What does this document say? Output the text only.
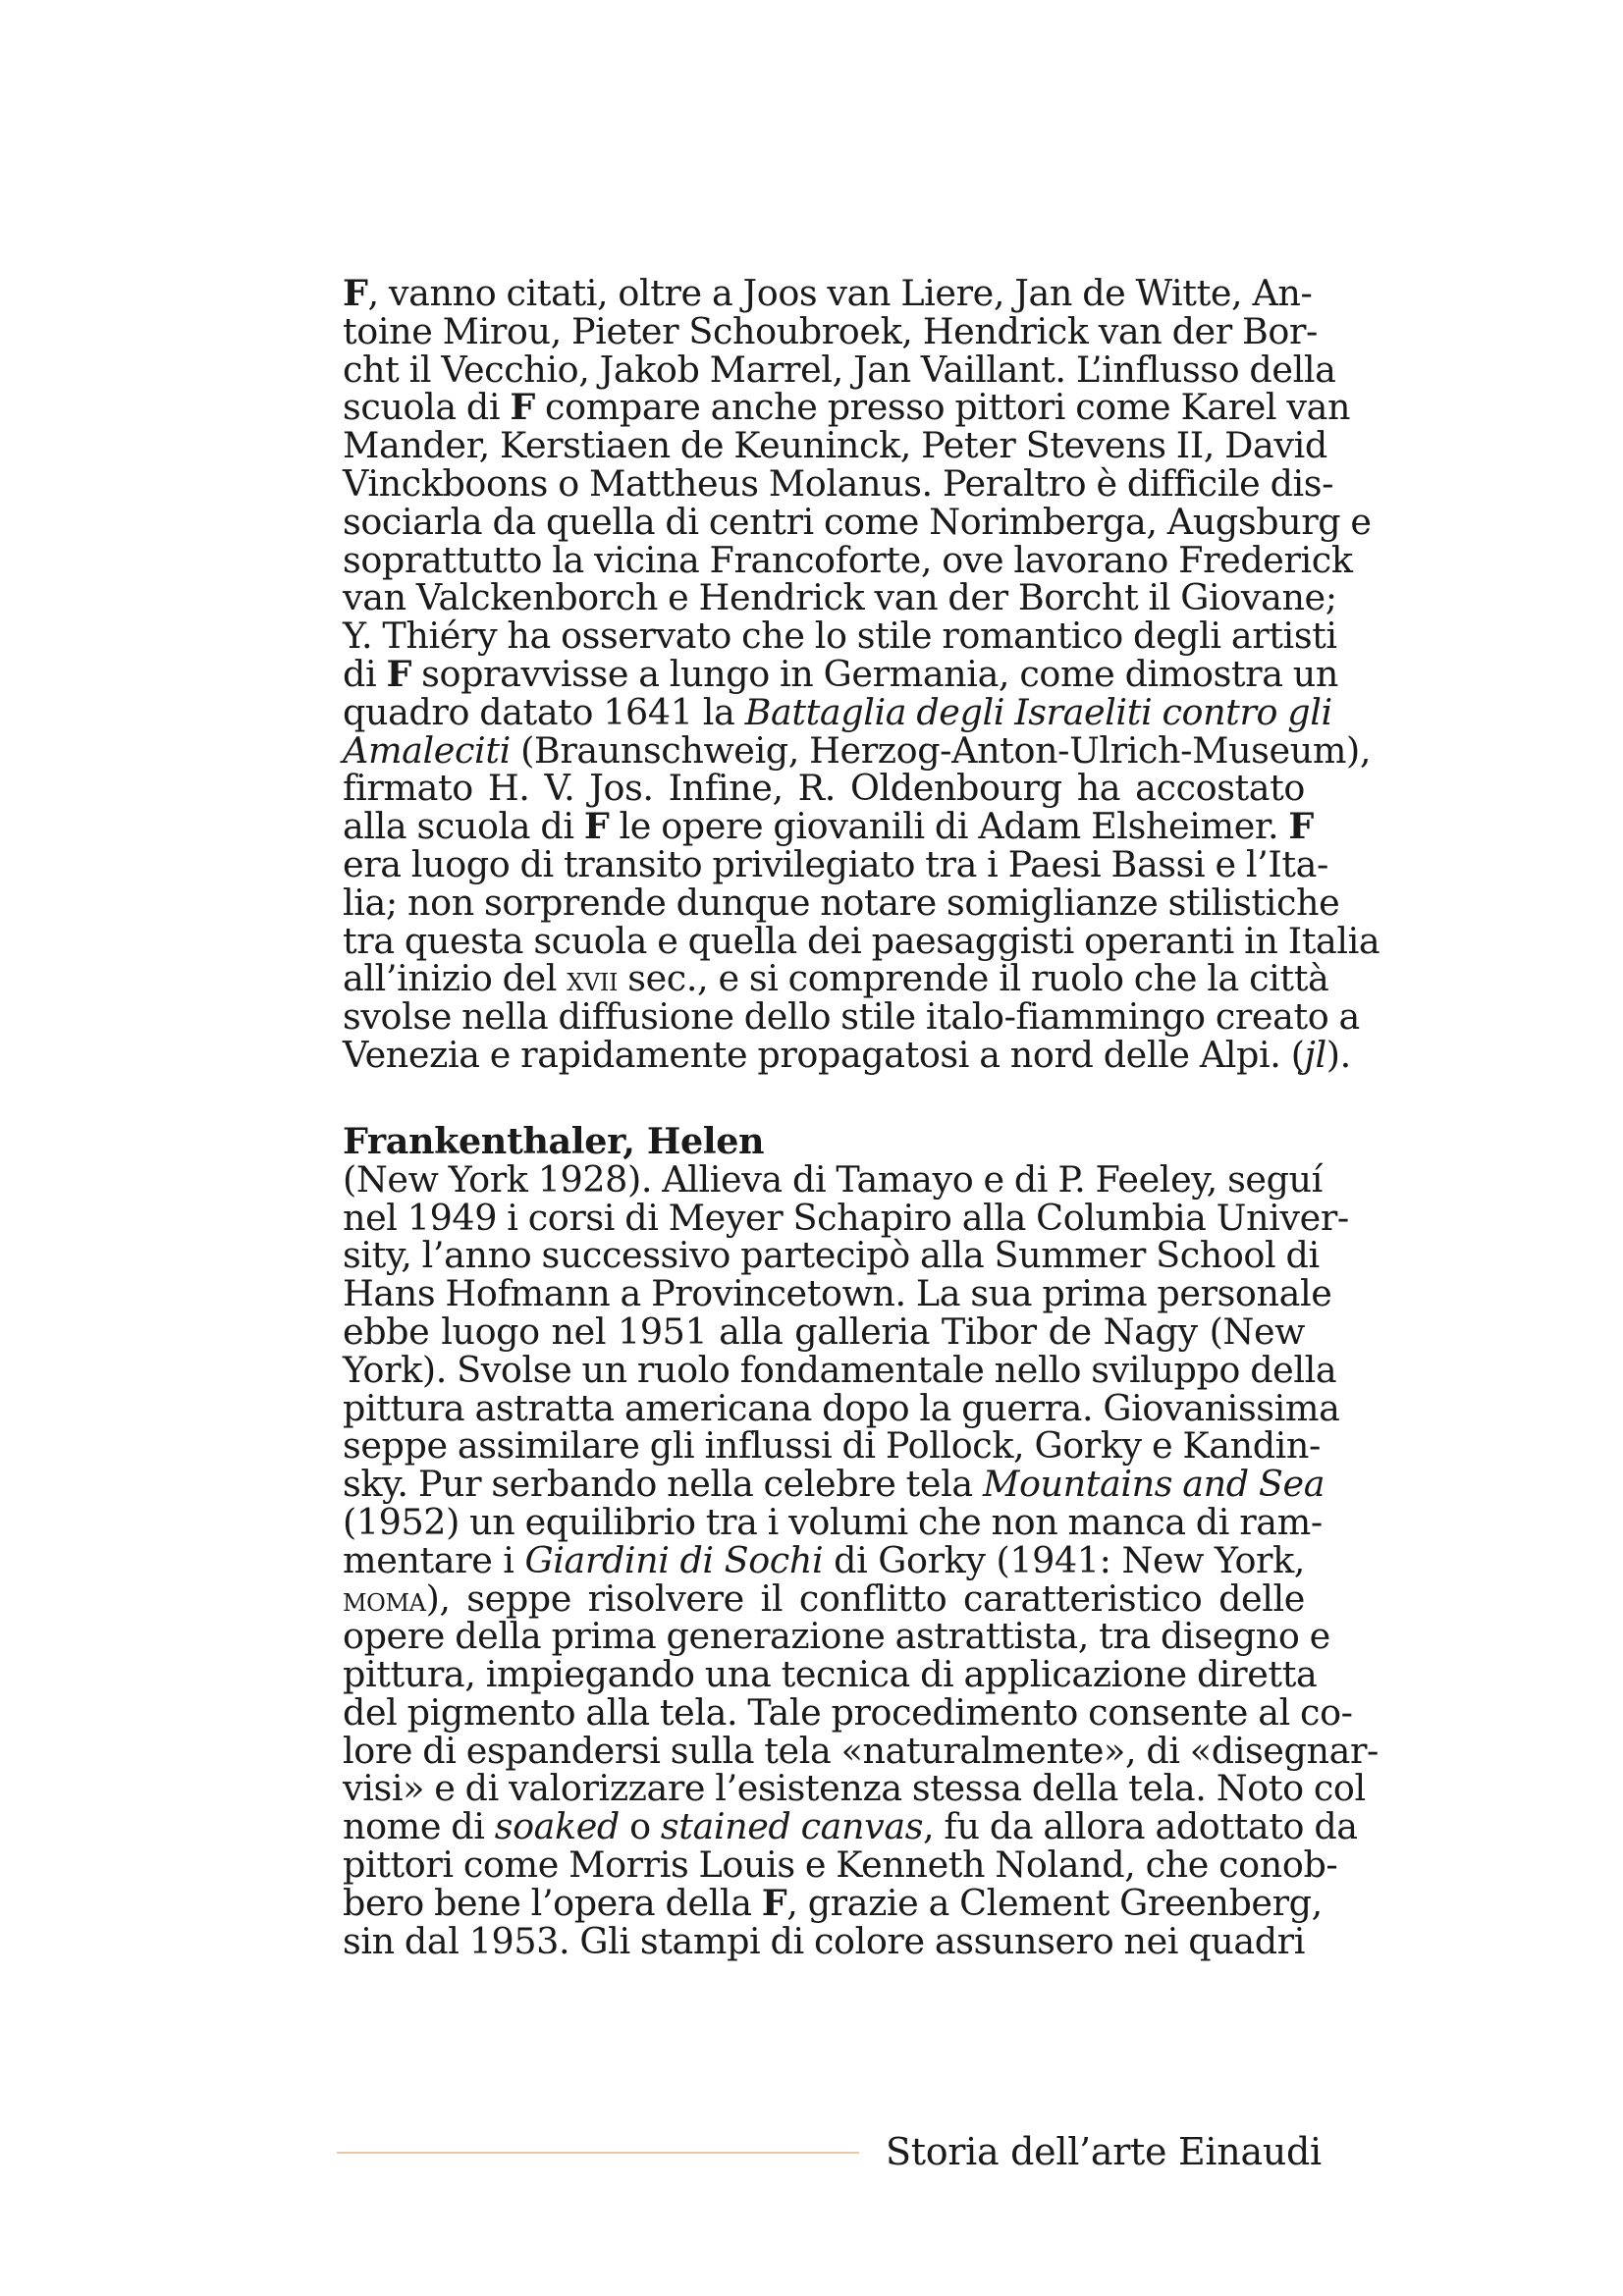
F, vanno citati, oltre a Joos van Liere, Jan de Witte, An-
toine Mirou, Pieter Schoubroek, Hendrick van der Bor-
cht il Vecchio, Jakob Marrel, Jan Vaillant. L’influsso della
scuola di F compare anche presso pittori come Karel van
Mander, Kerstiaen de Keuninck, Peter Stevens II, David
Vinckboons o Mattheus Molanus. Peraltro è difficile dis-
sociarla da quella di centri come Norimberga, Augsburg e
soprattutto la vicina Francoforte, ove lavorano Frederick
van Valckenborch e Hendrick van der Borcht il Giovane;
Y. Thiéry ha osservato che lo stile romantico degli artisti
di F sopravvisse a lungo in Germania, come dimostra un
quadro datato 1641 la Battaglia degli Israeliti contro gli
Amaleciti (Braunschweig, Herzog-Anton-Ulrich-Museum),
firmato H. V. Jos. Infine, R. Oldenbourg ha accostato
alla scuola di F le opere giovanili di Adam Elsheimer. F
era luogo di transito privilegiato tra i Paesi Bassi e l’Ita-
lia; non sorprende dunque notare somiglianze stilistiche
tra questa scuola e quella dei paesaggisti operanti in Italia
all’inizio del xvii sec., e si comprende il ruolo che la città
svolse nella diffusione dello stile italo-fiammingo creato a
Venezia e rapidamente propagatosi a nord delle Alpi. (jl).
Frankenthaler, Helen
(New York 1928). Allieva di Tamayo e di P. Feeley, seguí
nel 1949 i corsi di Meyer Schapiro alla Columbia Univer-
sity, l’anno successivo partecipò alla Summer School di
Hans Hofmann a Provincetown. La sua prima personale
ebbe luogo nel 1951 alla galleria Tibor de Nagy (New
York). Svolse un ruolo fondamentale nello sviluppo della
pittura astratta americana dopo la guerra. Giovanissima
seppe assimilare gli influssi di Pollock, Gorky e Kandin-
sky. Pur serbando nella celebre tela Mountains and Sea
(1952) un equilibrio tra i volumi che non manca di ram-
mentare i Giardini di Sochi di Gorky (1941: New York,
moma), seppe risolvere il conflitto caratteristico delle
opere della prima generazione astrattista, tra disegno e
pittura, impiegando una tecnica di applicazione diretta
del pigmento alla tela. Tale procedimento consente al co-
lore di espandersi sulla tela «naturalmente», di «disegnar-
visi» e di valorizzare l’esistenza stessa della tela. Noto col
nome di soaked o stained canvas, fu da allora adottato da
pittori come Morris Louis e Kenneth Noland, che conob-
bero bene l’opera della F, grazie a Clement Greenberg,
sin dal 1953. Gli stampi di colore assunsero nei quadri
Storia dell’arte Einaudi
